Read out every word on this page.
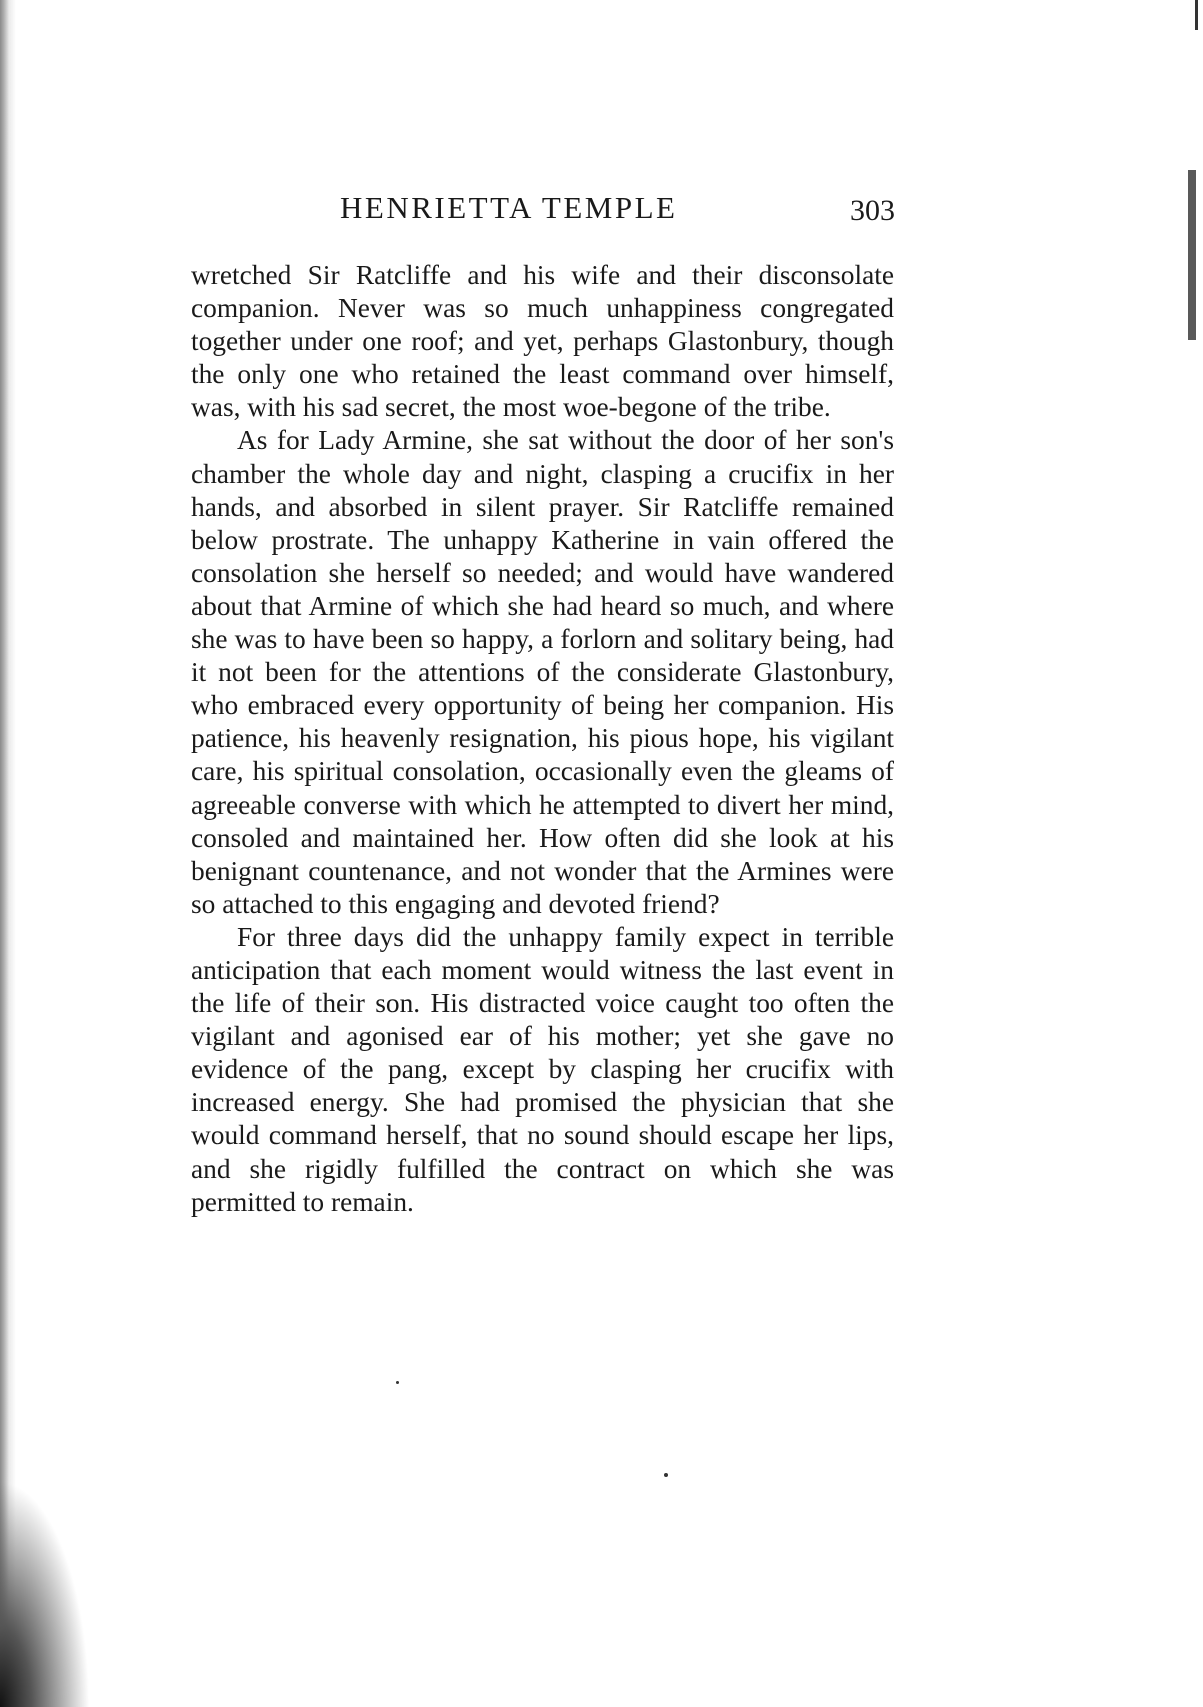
HENRIETTA TEMPLE	303

wretched Sir Ratcliffe and his wife and their disconsolate companion. Never was so much unhappiness congregated together under one roof; and yet, perhaps Glastonbury, though the only one who retained the least command over himself, was, with his sad secret, the most woe-begone of the tribe.

As for Lady Armine, she sat without the door of her son's chamber the whole day and night, clasping a crucifix in her hands, and absorbed in silent prayer. Sir Ratcliffe remained below prostrate. The unhappy Katherine in vain offered the consolation she herself so needed; and would have wandered about that Armine of which she had heard so much, and where she was to have been so happy, a forlorn and solitary being, had it not been for the attentions of the considerate Glastonbury, who embraced every opportunity of being her companion. His patience, his heavenly resignation, his pious hope, his vigilant care, his spiritual consolation, occasionally even the gleams of agreeable converse with which he attempted to divert her mind, consoled and maintained her. How often did she look at his benignant countenance, and not wonder that the Armines were so attached to this engaging and devoted friend?

For three days did the unhappy family expect in terrible anticipation that each moment would witness the last event in the life of their son. His distracted voice caught too often the vigilant and agonised ear of his mother; yet she gave no evidence of the pang, except by clasping her crucifix with increased energy. She had promised the physician that she would command herself, that no sound should escape her lips, and she rigidly fulfilled the contract on which she was permitted to remain.
